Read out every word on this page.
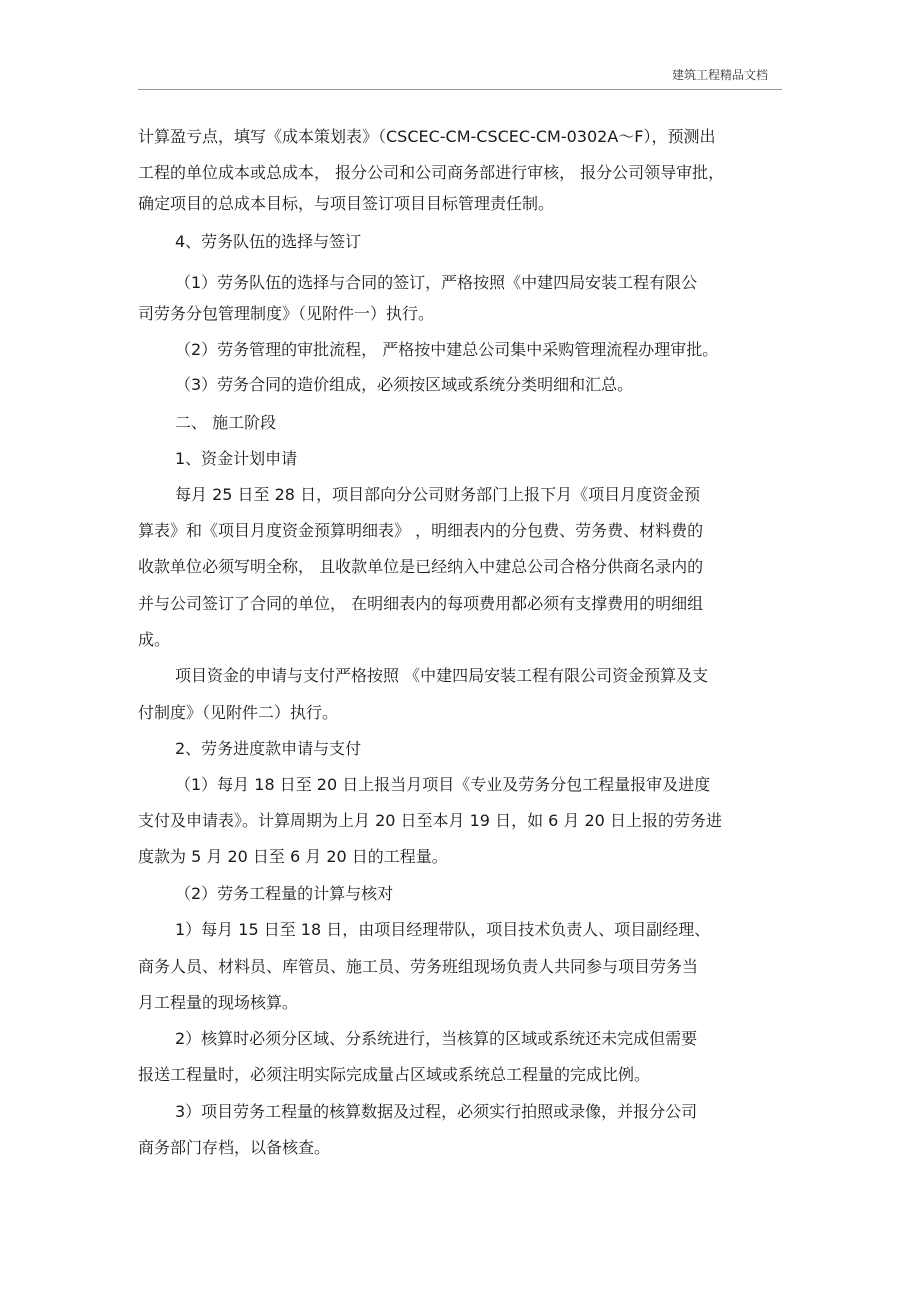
建筑工程精品文档
计算盈亏点，填写《成本策划表》（CSCEC-CM-CSCEC-CM-0302A～F），预测出
工程的单位成本或总成本， 报分公司和公司商务部进行审核， 报分公司领导审批，
确定项目的总成本目标，与项目签订项目目标管理责任制。
4、劳务队伍的选择与签订
（1）劳务队伍的选择与合同的签订，严格按照《中建四局安装工程有限公
司劳务分包管理制度》（见附件一）执行。
（2）劳务管理的审批流程， 严格按中建总公司集中采购管理流程办理审批。
（3）劳务合同的造价组成，必须按区域或系统分类明细和汇总。
二、 施工阶段
1、资金计划申请
每月 25 日至 28 日，项目部向分公司财务部门上报下月《项目月度资金预
算表》和《项目月度资金预算明细表》 ，明细表内的分包费、劳务费、材料费的
收款单位必须写明全称， 且收款单位是已经纳入中建总公司合格分供商名录内的
并与公司签订了合同的单位， 在明细表内的每项费用都必须有支撑费用的明细组
成。
项目资金的申请与支付严格按照 《中建四局安装工程有限公司资金预算及支
付制度》（见附件二）执行。
2、劳务进度款申请与支付
（1）每月 18 日至 20 日上报当月项目《专业及劳务分包工程量报审及进度
支付及申请表》。计算周期为上月 20 日至本月 19 日，如 6 月 20 日上报的劳务进
度款为 5 月 20 日至 6 月 20 日的工程量。
（2）劳务工程量的计算与核对
1）每月 15 日至 18 日，由项目经理带队，项目技术负责人、项目副经理、
商务人员、材料员、库管员、施工员、劳务班组现场负责人共同参与项目劳务当
月工程量的现场核算。
2）核算时必须分区域、分系统进行，当核算的区域或系统还未完成但需要
报送工程量时，必须注明实际完成量占区域或系统总工程量的完成比例。
3）项目劳务工程量的核算数据及过程，必须实行拍照或录像，并报分公司
商务部门存档，以备核查。
